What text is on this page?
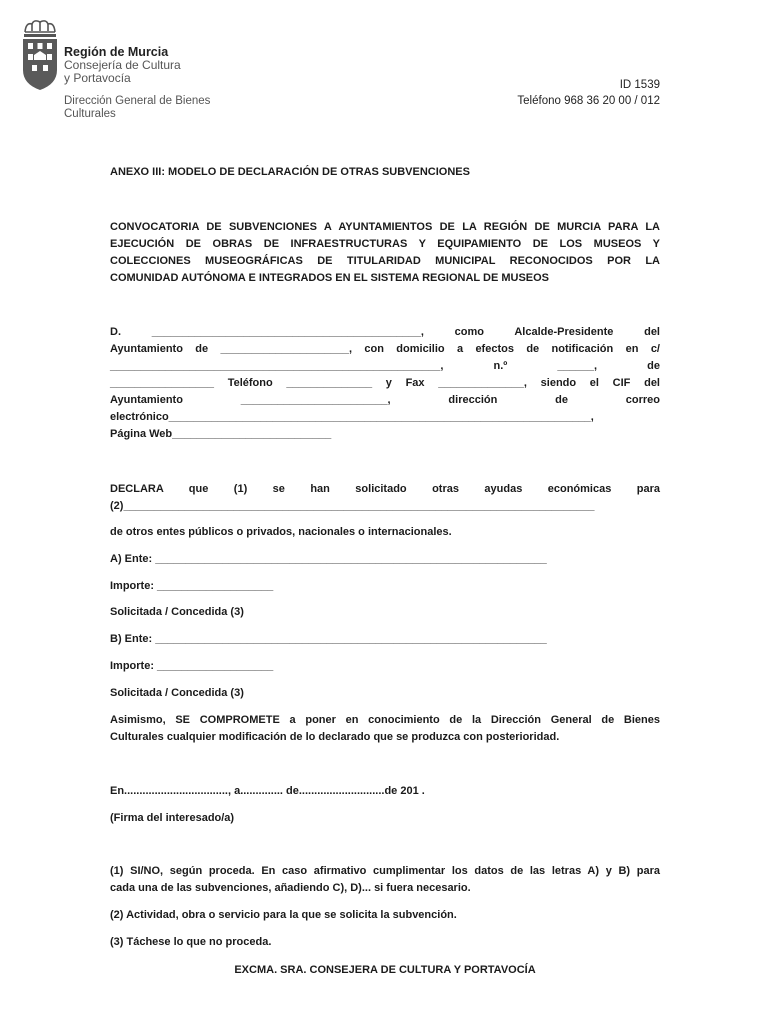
Región de Murcia
Consejería de Cultura
y Portavocía
Dirección General de Bienes
Culturales
ID 1539
Teléfono 968 36 20 00 / 012
ANEXO III: MODELO DE DECLARACIÓN DE OTRAS SUBVENCIONES
CONVOCATORIA DE SUBVENCIONES A AYUNTAMIENTOS DE LA REGIÓN DE MURCIA PARA LA
EJECUCIÓN DE OBRAS DE INFRAESTRUCTURAS Y EQUIPAMIENTO DE LOS MUSEOS Y
COLECCIONES MUSEOGRÁFICAS DE TITULARIDAD MUNICIPAL RECONOCIDOS POR LA
COMUNIDAD AUTÓNOMA E INTEGRADOS EN EL SISTEMA REGIONAL DE MUSEOS
D. ____________________________________________, como Alcalde-Presidente del
Ayuntamiento de _____________________, con domicilio a efectos de notificación en c/
______________________________________________________, n.º ______, de
_________________ Teléfono ______________ y Fax ______________, siendo el CIF del
Ayuntamiento ________________________, dirección de correo
electrónico_____________________________________________________________________,
Página Web__________________________
DECLARA que (1) se han solicitado otras ayudas económicas para
(2)_____________________________________________________________________________
de otros entes públicos o privados, nacionales o internacionales.
A) Ente: ________________________________________________________________
Importe: ___________________
Solicitada / Concedida (3)
B) Ente: ________________________________________________________________
Importe: ___________________
Solicitada / Concedida (3)
Asimismo, SE COMPROMETE a poner en conocimiento de la Dirección General de Bienes
Culturales cualquier modificación de lo declarado que se produzca con posterioridad.
En.................................., a.............. de............................de 201 .
(Firma del interesado/a)
(1) SI/NO, según proceda. En caso afirmativo cumplimentar los datos de las letras A) y B) para
cada una de las subvenciones, añadiendo C), D)... si fuera necesario.
(2) Actividad, obra o servicio para la que se solicita la subvención.
(3) Táchese lo que no proceda.
EXCMA. SRA. CONSEJERA DE CULTURA Y PORTAVOCÍA
